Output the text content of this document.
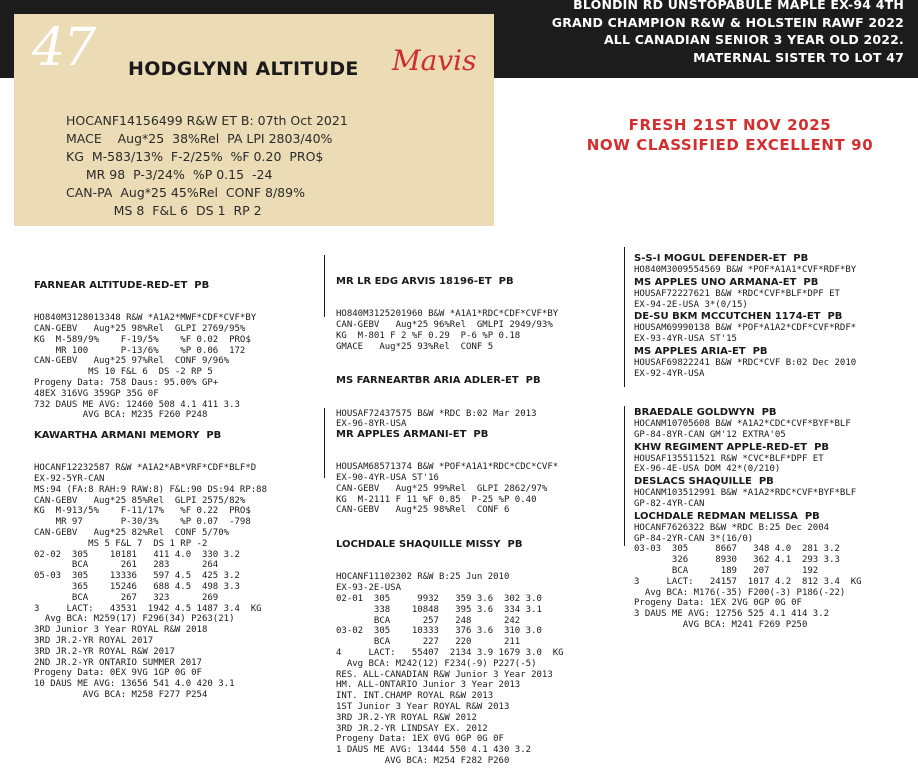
BLONDIN RD UNSTOPABULE MAPLE EX-94 4TH
GRAND CHAMPION R&W & HOLSTEIN RAWF 2022
ALL CANADIAN SENIOR 3 YEAR OLD 2022.
MATERNAL SISTER TO LOT 47
47 HODGLYNN ALTITUDE Mavis
HOCANF14156499 R&W ET B: 07th Oct 2021
MACE    Aug*25  38%Rel  PA LPI 2803/40%
KG  M-583/13%  F-2/25%  %F 0.20  PRO$
MR 98  P-3/24%  %P 0.15  -24
CAN-PA  Aug*25 45%Rel  CONF 8/89%
MS 8  F&L 6  DS 1  RP 2
FRESH 21ST NOV 2025
NOW CLASSIFIED EXCELLENT 90

FARNEAR ALTITUDE-RED-ET  PB

HO840M3128013348 R&W *A1A2*MWF*CDF*CVF*BY
CAN-GEBV   Aug*25 98%Rel  GLPI 2769/95%
KG  M-589/9%    F-19/5%    %F 0.02  PRO$
MR 100      P-13/6%    %P 0.06  172
CAN-GEBV   Aug*25 97%Rel  CONF 9/96%
MS 10 F&L 6  DS -2 RP 5
Progeny Data: 758 Daus: 95.00% GP+
48EX 316VG 359GP 35G 0F
732 DAUS ME AVG: 12460 508 4.1 411 3.3
AVG BCA: M235 F260 P248

KAWARTHA ARMANI MEMORY  PB

HOCANF12232587 R&W *A1A2*AB*VRF*CDF*BLF*D
EX-92-5YR-CAN
MS:94 (FA:8 RAH:9 RAW:8) F&L:90 DS:94 RP:88
CAN-GEBV   Aug*25 85%Rel  GLPI 2575/82%
KG  M-913/5%    F-11/17%   %F 0.22  PRO$
MR 97       P-30/3%    %P 0.07  -798
CAN-GEBV   Aug*25 82%Rel  CONF 5/70%
MS 5 F&L 7  DS 1 RP -2
02-02  305    10181   411 4.0  330 3.2
BCA      261   283      264
05-03  305    13336   597 4.5  425 3.2
365    15246   688 4.5  498 3.3
BCA      267   323      269
3     LACT:   43531  1942 4.5 1487 3.4  KG
Avg BCA: M259(17) F296(34) P263(21)
3RD Junior 3 Year ROYAL R&W 2018
3RD JR.2-YR ROYAL 2017
3RD JR.2-YR ROYAL R&W 2017
2ND JR.2-YR ONTARIO SUMMER 2017
Progeny Data: 0EX 9VG 1GP 0G 0F
10 DAUS ME AVG: 13656 541 4.0 420 3.1
AVG BCA: M258 F277 P254

MR LR EDG ARVIS 18196-ET  PB

HO840M3125201960 B&W *A1A1*RDC*CDF*CVF*BY
CAN-GEBV   Aug*25 96%Rel  GMLPI 2949/93%
KG  M-801 F 2 %F 0.29  P-6 %P 0.18
GMACE   Aug*25 93%Rel  CONF 5

MS FARNEARTBR ARIA ADLER-ET  PB

HOUSAF72437575 B&W *RDC B:02 Mar 2013
EX-96-8YR-USA

MR APPLES ARMANI-ET  PB

HOUSAM68571374 B&W *POF*A1A1*RDC*CDC*CVF*
EX-90-4YR-USA ST'16
CAN-GEBV   Aug*25 99%Rel  GLPI 2862/97%
KG  M-2111 F 11 %F 0.85  P-25 %P 0.40
CAN-GEBV   Aug*25 98%Rel  CONF 6

LOCHDALE SHAQUILLE MISSY  PB

HOCANF11102302 R&W B:25 Jun 2010
EX-93-2E-USA
02-01  305     9932   359 3.6  302 3.0
338    10848   395 3.6  334 3.1
BCA      257   248      242
03-02  305    10333   376 3.6  310 3.0
BCA      227   220      211
4     LACT:   55407  2134 3.9 1679 3.0  KG
Avg BCA: M242(12) F234(-9) P227(-5)
RES. ALL-CANADIAN R&W Junior 3 Year 2013
HM. ALL-ONTARIO Junior 3 Year 2013
INT. INT.CHAMP ROYAL R&W 2013
1ST Junior 3 Year ROYAL R&W 2013
3RD JR.2-YR ROYAL R&W 2012
3RD JR.2-YR LINDSAY EX. 2012
Progeny Data: 1EX 0VG 0GP 0G 0F
1 DAUS ME AVG: 13444 550 4.1 430 3.2
AVG BCA: M254 F282 P260

S-S-I MOGUL DEFENDER-ET  PB
HO840M3009554569 B&W *POF*A1A1*CVF*RDF*BY
MS APPLES UNO ARMANA-ET  PB
HOUSAF72227621 B&W *RDC*CVF*BLF*DPF ET
EX-94-2E-USA 3*(0/15)
DE-SU BKM MCCUTCHEN 1174-ET  PB
HOUSAM69990138 B&W *POF*A1A2*CDF*CVF*RDF*
EX-93-4YR-USA ST'15
MS APPLES ARIA-ET  PB
HOUSAF69822241 B&W *RDC*CVF B:02 Dec 2010
EX-92-4YR-USA
BRAEDALE GOLDWYN  PB
HOCANM10705608 B&W *A1A2*CDC*CVF*BYF*BLF
GP-84-8YR-CAN GM'12 EXTRA'05
KHW REGIMENT APPLE-RED-ET  PB
HOUSAF135511521 R&W *CVC*BLF*DPF ET
EX-96-4E-USA DOM 42*(0/210)
DESLACS SHAQUILLE  PB
HOCANM103512991 B&W *A1A2*RDC*CVF*BYF*BLF
GP-82-4YR-CAN
LOCHDALE REDMAN MELISSA  PB
HOCANF7626322 B&W *RDC B:25 Dec 2004
GP-84-2YR-CAN 3*(16/0)
03-03  305     8667   348 4.0  281 3.2
326     8930   362 4.1  293 3.3
BCA      189   207      192
3     LACT:   24157  1017 4.2  812 3.4  KG
Avg BCA: M176(-35) F200(-3) P186(-22)
Progeny Data: 1EX 2VG 0GP 0G 0F
3 DAUS ME AVG: 12756 525 4.1 414 3.2
AVG BCA: M241 F269 P250
